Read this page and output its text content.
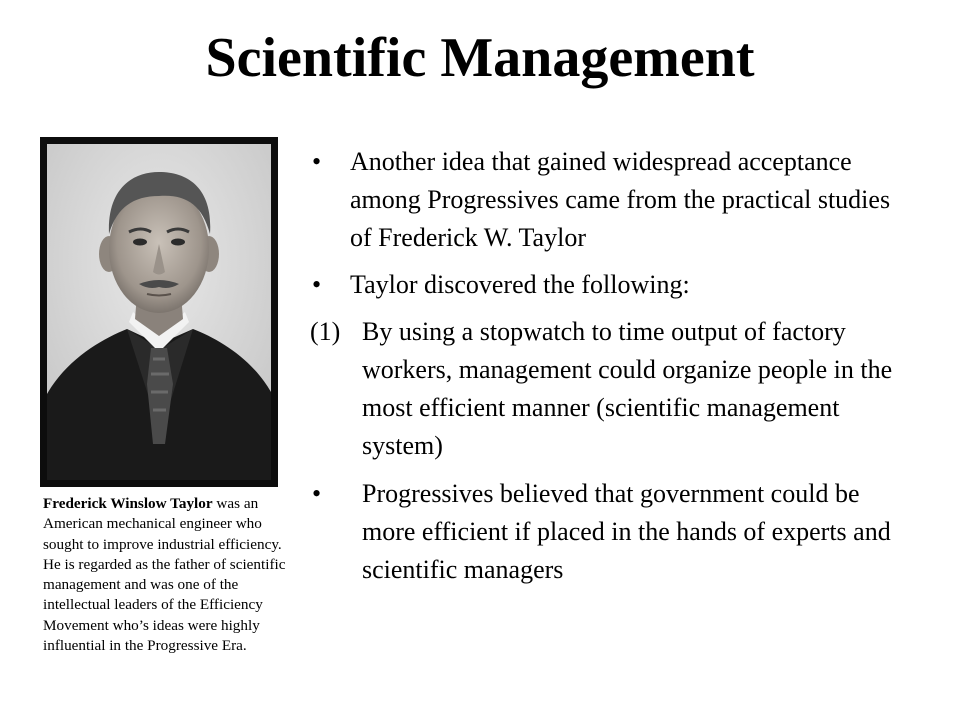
Scientific Management

Frederick Winslow Taylor was an American mechanical engineer who sought to improve industrial efficiency. He is regarded as the father of scientific management and was one of the intellectual leaders of the Efficiency Movement who’s ideas were highly influential in the Progressive Era.

•	Another idea that gained widespread acceptance among Progressives came from the practical studies of Frederick W. Taylor
•	Taylor discovered the following:
(1) By using a stopwatch to time output of factory workers, management could organize people in the most efficient manner (scientific management system)
•	Progressives believed that government could be more efficient if placed in the hands of experts and scientific managers
